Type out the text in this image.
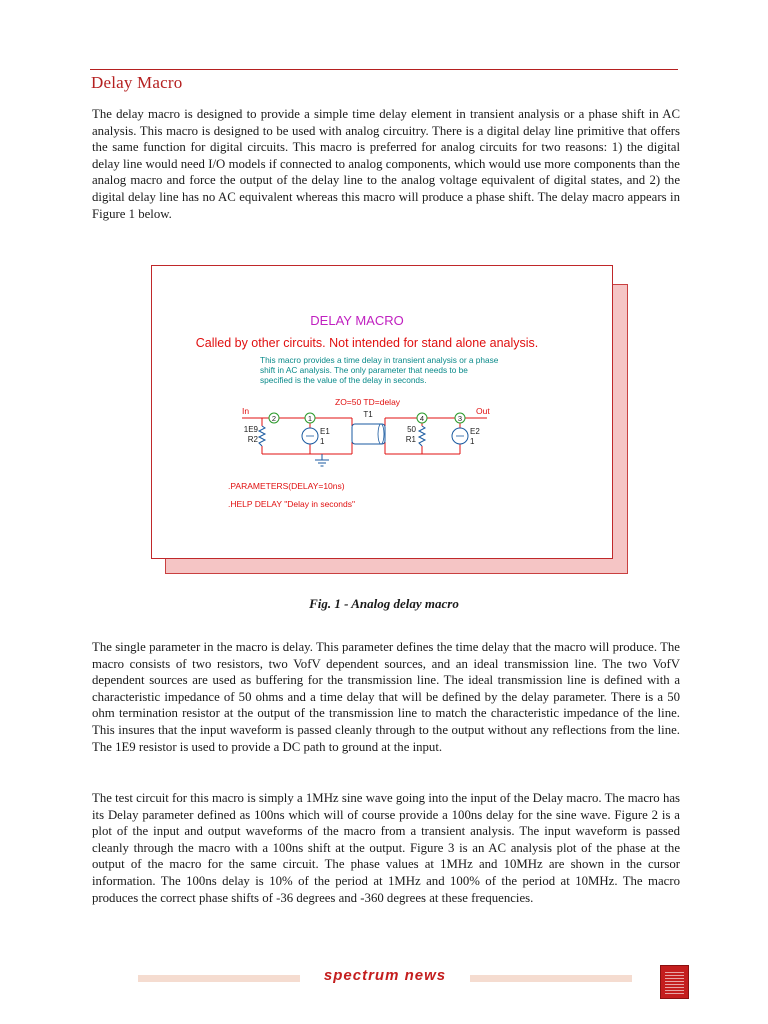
Delay Macro

The delay macro is designed to provide a simple time delay element in transient analysis or a phase shift in AC analysis. This macro is designed to be used with analog circuitry. There is a digital delay line primitive that offers the same function for digital circuits. This macro is preferred for analog circuits for two reasons: 1) the digital delay line would need I/O models if connected to analog components, which would use more components than the analog macro and force the output of the delay line to the analog voltage equivalent of digital states, and 2) the digital delay line has no AC equivalent whereas this macro will produce a phase shift. The delay macro appears in Figure 1 below.

DELAY MACRO
Called by other circuits. Not intended for stand alone analysis.
This macro provides a time delay in transient analysis or a phase
shift in AC analysis. The only parameter that needs to be
specified is the value of the delay in seconds.
ZO=50 TD=delay
In	Out
2	1	4	3
1E9
R2
E1
1
T1
50
R1
E2
1
.PARAMETERS(DELAY=10ns)
.HELP DELAY "Delay in seconds"

Fig. 1 - Analog delay macro

The single parameter in the macro is delay. This parameter defines the time delay that the macro will produce. The macro consists of two resistors, two VofV dependent sources, and an ideal transmission line. The two VofV dependent sources are used as buffering for the transmission line. The ideal transmission line is defined with a characteristic impedance of 50 ohms and a time delay that will be defined by the delay parameter. There is a 50 ohm termination resistor at the output of the transmission line to match the characteristic impedance of the line. This insures that the input waveform is passed cleanly through to the output without any reflections from the line. The 1E9 resistor is used to provide a DC path to ground at the input.

The test circuit for this macro is simply a 1MHz sine wave going into the input of the Delay macro. The macro has its Delay parameter defined as 100ns which will of course provide a 100ns delay for the sine wave. Figure 2 is a plot of the input and output waveforms of the macro from a transient analysis. The input waveform is passed cleanly through the macro with a 100ns shift at the output. Figure 3 is an AC analysis plot of the phase at the output of the macro for the same circuit. The phase values at 1MHz and 10MHz are shown in the cursor information. The 100ns delay is 10% of the period at 1MHz and 100% of the period at 10MHz. The macro produces the correct phase shifts of -36 degrees and -360 degrees at these frequencies.

spectrum news
